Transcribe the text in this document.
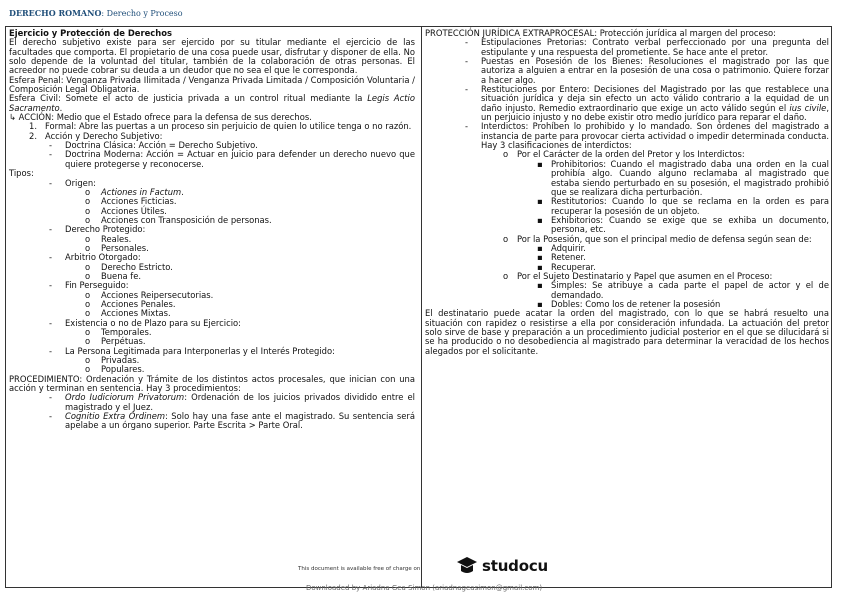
DERECHO ROMANO: Derecho y Proceso

Ejercicio y Protección de Derechos

El derecho subjetivo existe para ser ejercido por su titular mediante el ejercicio de las facultades que comporta. El propietario de una cosa puede usar, disfrutar y disponer de ella. No solo depende de la voluntad del titular, también de la colaboración de otras personas. El acreedor no puede cobrar su deuda a un deudor que no sea el que le corresponda.

Esfera Penal: Venganza Privada Ilimitada / Venganza Privada Limitada / Composición Voluntaria / Composición Legal Obligatoria.

Esfera Civil: Somete el acto de justicia privada a un control ritual mediante la Legis Actio Sacramento.

↳ ACCIÓN: Medio que el Estado ofrece para la defensa de sus derechos.

1. Formal: Abre las puertas a un proceso sin perjuicio de quien lo utilice tenga o no razón.
2. Acción y Derecho Subjetivo:
- Doctrina Clásica: Acción = Derecho Subjetivo.
- Doctrina Moderna: Acción = Actuar en juicio para defender un derecho nuevo que quiere protegerse y reconocerse.

Tipos:

- Origen:
o Actiones in Factum.
o Acciones Ficticias.
o Acciones Útiles.
o Acciones con Transposición de personas.
- Derecho Protegido:
o Reales.
o Personales.
- Arbitrio Otorgado:
o Derecho Estricto.
o Buena fe.
- Fin Perseguido:
o Acciones Reipersecutorias.
o Acciones Penales.
o Acciones Mixtas.
- Existencia o no de Plazo para su Ejercicio:
o Temporales.
o Perpétuas.
- La Persona Legitimada para Interponerlas y el Interés Protegido:
o Privadas.
o Populares.

PROCEDIMIENTO: Ordenación y Trámite de los distintos actos procesales, que inician con una acción y terminan en sentencia. Hay 3 procedimientos:

- Ordo Iudiciorum Privatorum: Ordenación de los juicios privados dividido entre el magistrado y el Juez.
- Cognitio Extra Ordinem: Solo hay una fase ante el magistrado. Su sentencia será apelabe a un órgano superior. Parte Escrita > Parte Oral.

PROTECCIÓN JURÍDICA EXTRAPROCESAL: Protección jurídica al margen del proceso:

- Estipulaciones Pretorias: Contrato verbal perfeccionado por una pregunta del estipulante y una respuesta del prometiente. Se hace ante el pretor.
- Puestas en Posesión de los Bienes: Resoluciones el magistrado por las que autoriza a alguien a entrar en la posesión de una cosa o patrimonio. Quiere forzar a hacer algo.
- Restituciones por Entero: Decisiones del Magistrado por las que restablece una situación jurídica y deja sin efecto un acto válido contrario a la equidad de un daño injusto. Remedio extraordinario que exige un acto válido según el ius civile, un perjuicio injusto y no debe existir otro medio jurídico para reparar el daño.
- Interdictos: Prohíben lo prohibido y lo mandado. Son órdenes del magistrado a instancia de parte para provocar cierta actividad o impedir determinada conducta. Hay 3 clasificaciones de interdictos:
o Por el Carácter de la orden del Pretor y los Interdictos:
▪ Prohibitorios: Cuando el magistrado daba una orden en la cual prohibía algo. Cuando alguno reclamaba al magistrado que estaba siendo perturbado en su posesión, el magistrado prohibió que se realizara dicha perturbación.
▪ Restitutorios: Cuando lo que se reclama en la orden es para recuperar la posesión de un objeto.
▪ Exhibitorios: Cuando se exige que se exhiba un documento, persona, etc.
o Por la Posesión, que son el principal medio de defensa según sean de:
▪ Adquirir.
▪ Retener.
▪ Recuperar.
o Por el Sujeto Destinatario y Papel que asumen en el Proceso:
▪ Simples: Se atribuye a cada parte el papel de actor y el de demandado.
▪ Dobles: Como los de retener la posesión

El destinatario puede acatar la orden del magistrado, con lo que se habrá resuelto una situación con rapidez o resistirse a ella por consideración infundada. La actuación del pretor solo sirve de base y preparación a un procedimiento judicial posterior en el que se dilucidará si se ha producido o no desobediencia al magistrado para determinar la veracidad de los hechos alegados por el solicitante.

This document is available free of charge on	studocu
Downloaded by Ariadna Gea Simon (ariadnageasimon@gmail.com)
